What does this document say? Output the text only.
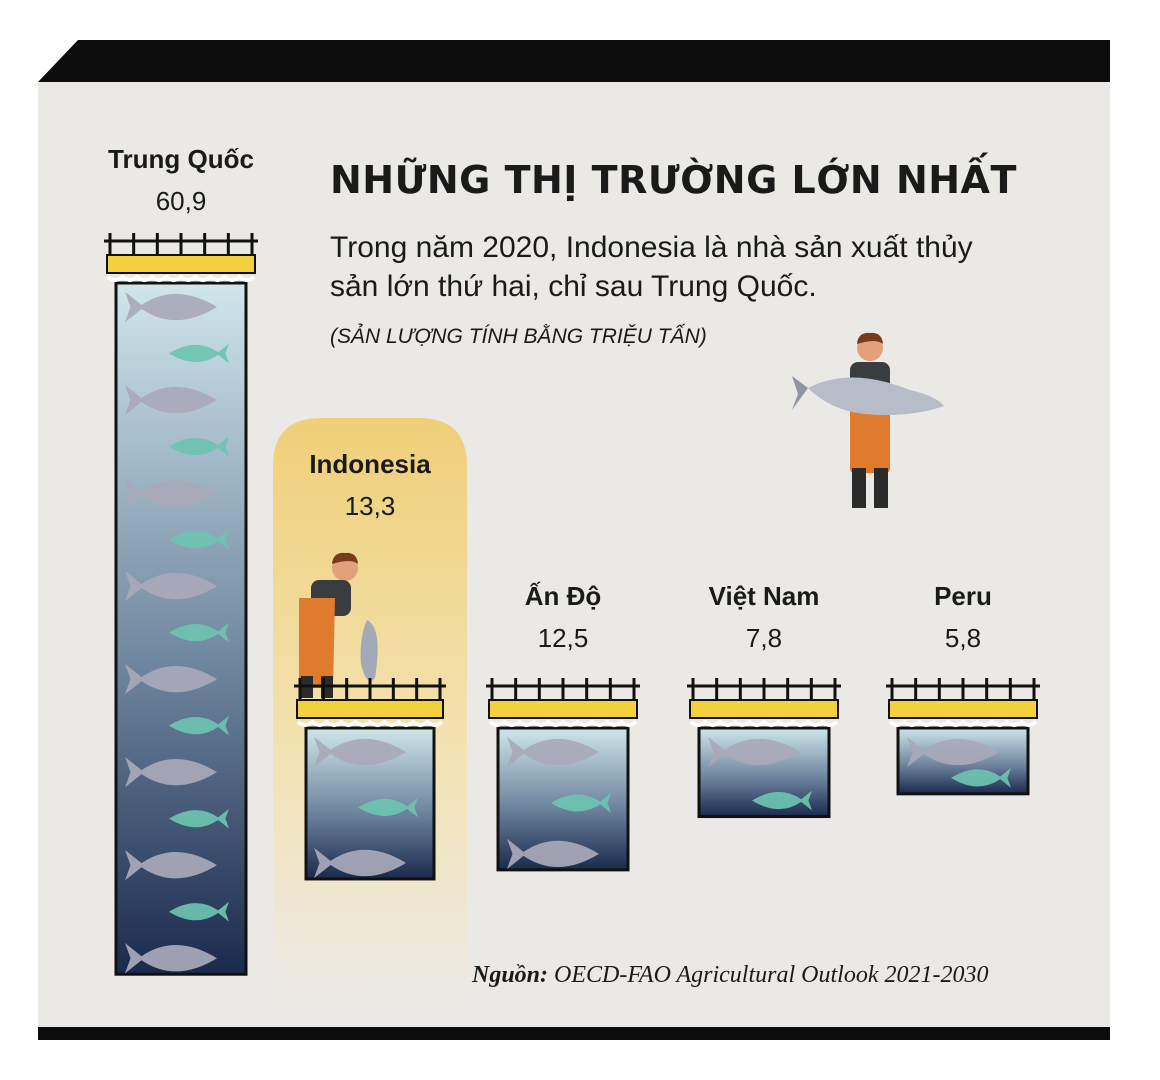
Trung Quốc
60,9
Indonesia
13,3
Ấn Độ
12,5
Việt Nam
7,8
Peru
5,8
NHỮNG THỊ TRƯỜNG LỚN NHẤT
Trong năm 2020, Indonesia là nhà sản xuất thủy sản lớn thứ hai, chỉ sau Trung Quốc.
(SẢN LƯỢNG TÍNH BẰNG TRIỆU TẤN)
Nguồn: OECD-FAO Agricultural Outlook 2021-2030
